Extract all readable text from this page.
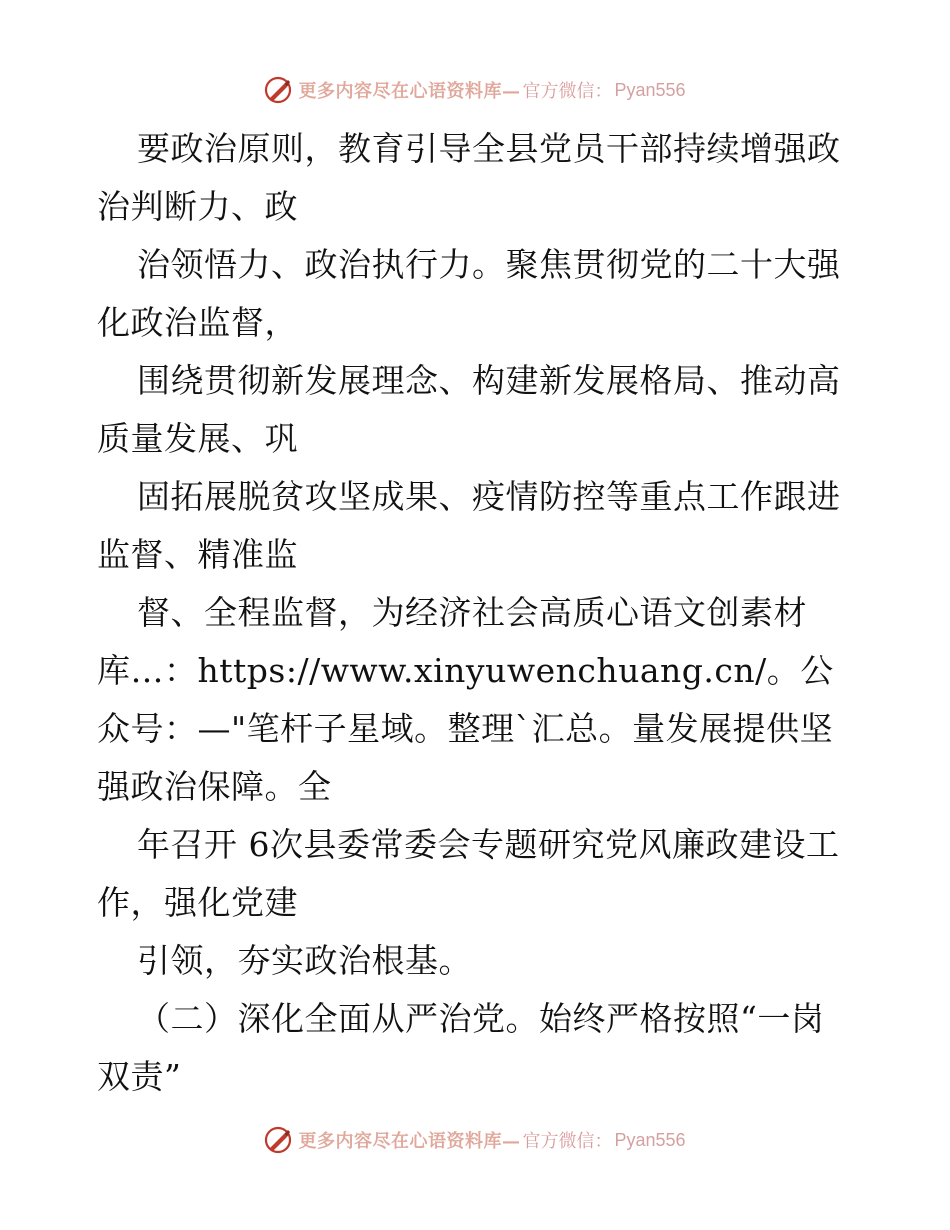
更多内容尽在心语资料库— 官方微信： Pyan556

要政治原则，教育引导全县党员干部持续增强政治判断力、政

治领悟力、政治执行力。聚焦贯彻党的二十大强化政治监督，

围绕贯彻新发展理念、构建新发展格局、推动高质量发展、巩

固拓展脱贫攻坚成果、疫情防控等重点工作跟进监督、精准监

督、全程监督，为经济社会高质心语文创素材库…：https://www.xinyuwenchuang.cn/。公众号：—"笔杆子星域。整理`汇总。量发展提供坚强政治保障。全

年召开 6次县委常委会专题研究党风廉政建设工作，强化党建

引领，夯实政治根基。

（二）深化全面从严治党。始终严格按照“一岗双责”

更多内容尽在心语资料库— 官方微信： Pyan556
